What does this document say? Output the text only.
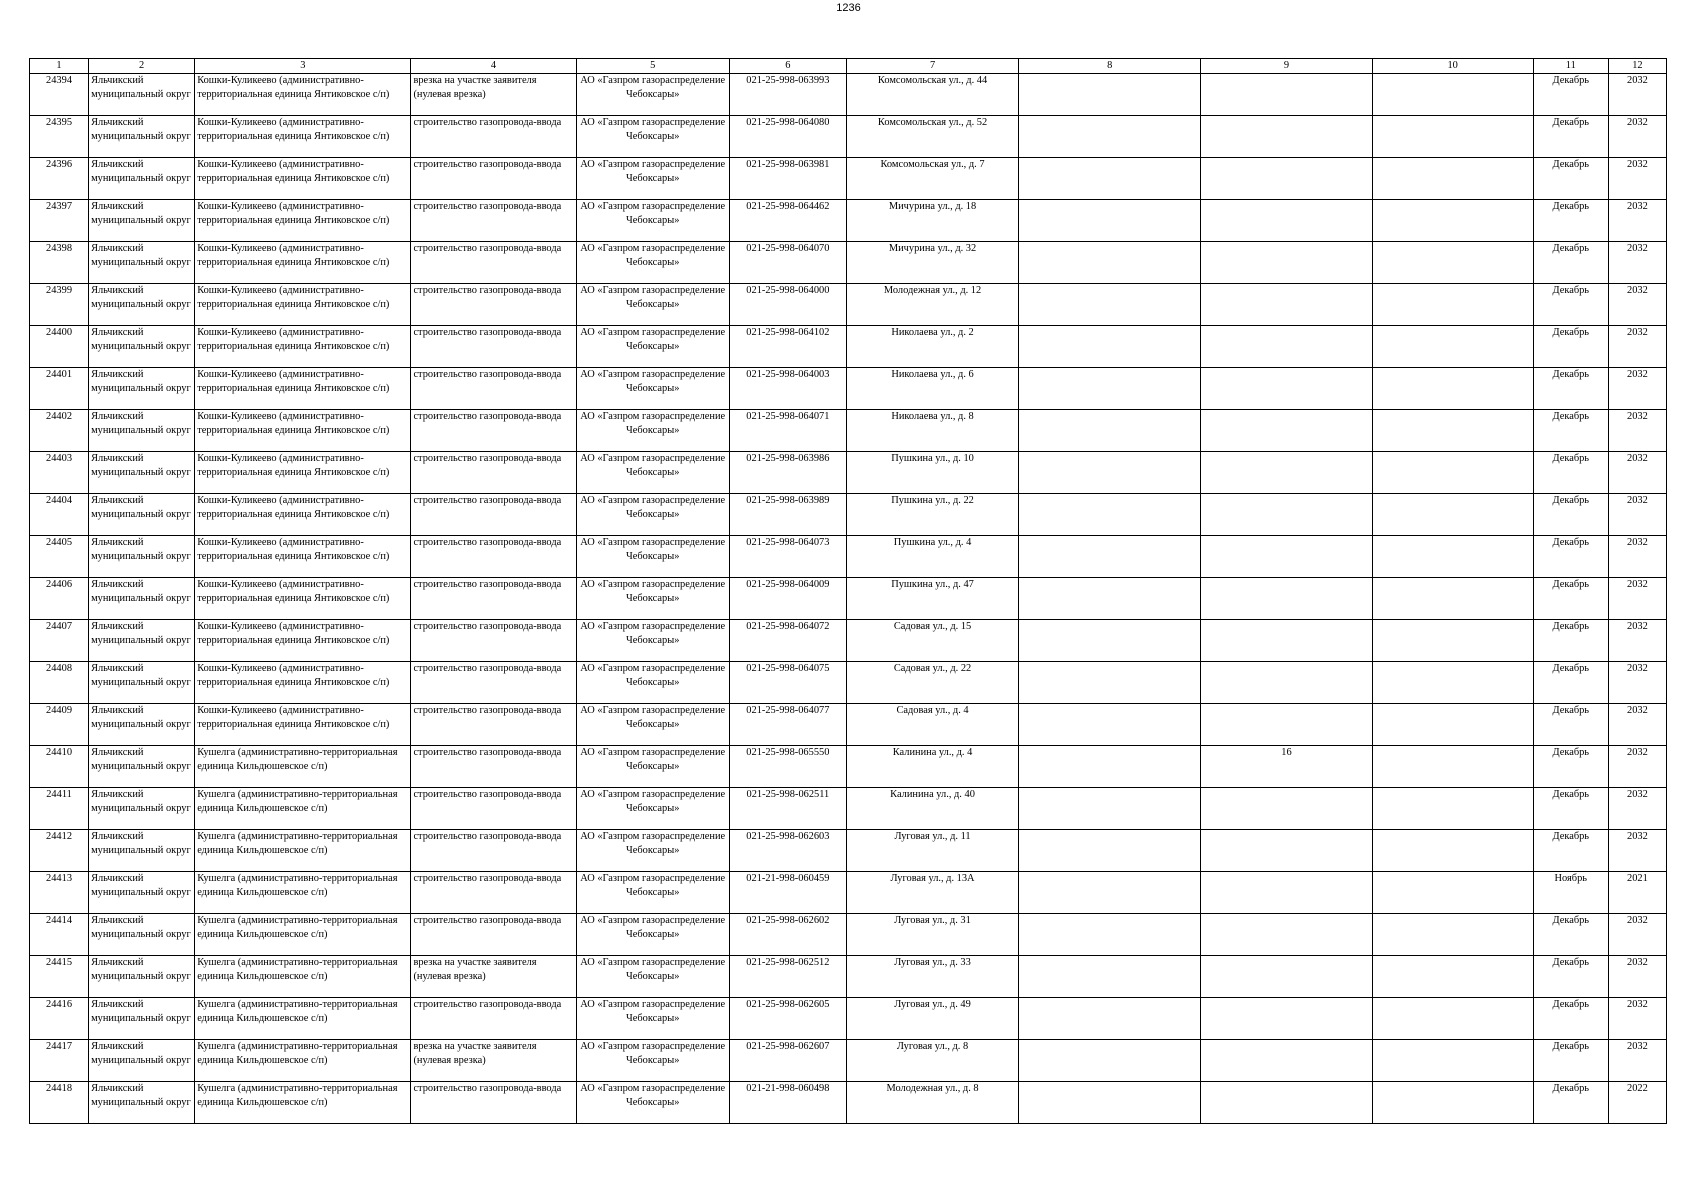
1236
1	2	3	4	5	6	7	8	9	10	11	12

24394	Яльчикский муниципальный округ	Кошки-Куликеево (административно-территориальная единица Янтиковское с/п)	врезка на участке заявителя (нулевая врезка)	АО «Газпром газораспределение Чебоксары»	021-25-998-063993	Комсомольская ул., д. 44				Декабрь	2032

24395	Яльчикский муниципальный округ	Кошки-Куликеево (административно-территориальная единица Янтиковское с/п)	строительство газопровода-ввода	АО «Газпром газораспределение Чебоксары»	021-25-998-064080	Комсомольская ул., д. 52				Декабрь	2032

24396	Яльчикский муниципальный округ	Кошки-Куликеево (административно-территориальная единица Янтиковское с/п)	строительство газопровода-ввода	АО «Газпром газораспределение Чебоксары»	021-25-998-063981	Комсомольская ул., д. 7				Декабрь	2032

24397	Яльчикский муниципальный округ	Кошки-Куликеево (административно-территориальная единица Янтиковское с/п)	строительство газопровода-ввода	АО «Газпром газораспределение Чебоксары»	021-25-998-064462	Мичурина ул., д. 18				Декабрь	2032

24398	Яльчикский муниципальный округ	Кошки-Куликеево (административно-территориальная единица Янтиковское с/п)	строительство газопровода-ввода	АО «Газпром газораспределение Чебоксары»	021-25-998-064070	Мичурина ул., д. 32				Декабрь	2032

24399	Яльчикский муниципальный округ	Кошки-Куликеево (административно-территориальная единица Янтиковское с/п)	строительство газопровода-ввода	АО «Газпром газораспределение Чебоксары»	021-25-998-064000	Молодежная ул., д. 12				Декабрь	2032

24400	Яльчикский муниципальный округ	Кошки-Куликеево (административно-территориальная единица Янтиковское с/п)	строительство газопровода-ввода	АО «Газпром газораспределение Чебоксары»	021-25-998-064102	Николаева ул., д. 2				Декабрь	2032

24401	Яльчикский муниципальный округ	Кошки-Куликеево (административно-территориальная единица Янтиковское с/п)	строительство газопровода-ввода	АО «Газпром газораспределение Чебоксары»	021-25-998-064003	Николаева ул., д. 6				Декабрь	2032

24402	Яльчикский муниципальный округ	Кошки-Куликеево (административно-территориальная единица Янтиковское с/п)	строительство газопровода-ввода	АО «Газпром газораспределение Чебоксары»	021-25-998-064071	Николаева ул., д. 8				Декабрь	2032

24403	Яльчикский муниципальный округ	Кошки-Куликеево (административно-территориальная единица Янтиковское с/п)	строительство газопровода-ввода	АО «Газпром газораспределение Чебоксары»	021-25-998-063986	Пушкина ул., д. 10				Декабрь	2032

24404	Яльчикский муниципальный округ	Кошки-Куликеево (административно-территориальная единица Янтиковское с/п)	строительство газопровода-ввода	АО «Газпром газораспределение Чебоксары»	021-25-998-063989	Пушкина ул., д. 22				Декабрь	2032

24405	Яльчикский муниципальный округ	Кошки-Куликеево (административно-территориальная единица Янтиковское с/п)	строительство газопровода-ввода	АО «Газпром газораспределение Чебоксары»	021-25-998-064073	Пушкина ул., д. 4				Декабрь	2032

24406	Яльчикский муниципальный округ	Кошки-Куликеево (административно-территориальная единица Янтиковское с/п)	строительство газопровода-ввода	АО «Газпром газораспределение Чебоксары»	021-25-998-064009	Пушкина ул., д. 47				Декабрь	2032

24407	Яльчикский муниципальный округ	Кошки-Куликеево (административно-территориальная единица Янтиковское с/п)	строительство газопровода-ввода	АО «Газпром газораспределение Чебоксары»	021-25-998-064072	Садовая ул., д. 15				Декабрь	2032

24408	Яльчикский муниципальный округ	Кошки-Куликеево (административно-территориальная единица Янтиковское с/п)	строительство газопровода-ввода	АО «Газпром газораспределение Чебоксары»	021-25-998-064075	Садовая ул., д. 22				Декабрь	2032

24409	Яльчикский муниципальный округ	Кошки-Куликеево (административно-территориальная единица Янтиковское с/п)	строительство газопровода-ввода	АО «Газпром газораспределение Чебоксары»	021-25-998-064077	Садовая ул., д. 4				Декабрь	2032

24410	Яльчикский муниципальный округ	Кушелга (административно-территориальная единица Кильдюшевское с/п)	строительство газопровода-ввода	АО «Газпром газораспределение Чебоксары»	021-25-998-065550	Калинина ул., д. 4		16		Декабрь	2032

24411	Яльчикский муниципальный округ	Кушелга (административно-территориальная единица Кильдюшевское с/п)	строительство газопровода-ввода	АО «Газпром газораспределение Чебоксары»	021-25-998-062511	Калинина ул., д. 40				Декабрь	2032

24412	Яльчикский муниципальный округ	Кушелга (административно-территориальная единица Кильдюшевское с/п)	строительство газопровода-ввода	АО «Газпром газораспределение Чебоксары»	021-25-998-062603	Луговая ул., д. 11				Декабрь	2032

24413	Яльчикский муниципальный округ	Кушелга (административно-территориальная единица Кильдюшевское с/п)	строительство газопровода-ввода	АО «Газпром газораспределение Чебоксары»	021-21-998-060459	Луговая ул., д. 13А				Ноябрь	2021

24414	Яльчикский муниципальный округ	Кушелга (административно-территориальная единица Кильдюшевское с/п)	строительство газопровода-ввода	АО «Газпром газораспределение Чебоксары»	021-25-998-062602	Луговая ул., д. 31				Декабрь	2032

24415	Яльчикский муниципальный округ	Кушелга (административно-территориальная единица Кильдюшевское с/п)	врезка на участке заявителя (нулевая врезка)	АО «Газпром газораспределение Чебоксары»	021-25-998-062512	Луговая ул., д. 33				Декабрь	2032

24416	Яльчикский муниципальный округ	Кушелга (административно-территориальная единица Кильдюшевское с/п)	строительство газопровода-ввода	АО «Газпром газораспределение Чебоксары»	021-25-998-062605	Луговая ул., д. 49				Декабрь	2032

24417	Яльчикский муниципальный округ	Кушелга (административно-территориальная единица Кильдюшевское с/п)	врезка на участке заявителя (нулевая врезка)	АО «Газпром газораспределение Чебоксары»	021-25-998-062607	Луговая ул., д. 8				Декабрь	2032

24418	Яльчикский муниципальный округ	Кушелга (административно-территориальная единица Кильдюшевское с/п)	строительство газопровода-ввода	АО «Газпром газораспределение Чебоксары»	021-21-998-060498	Молодежная ул., д. 8				Декабрь	2022
